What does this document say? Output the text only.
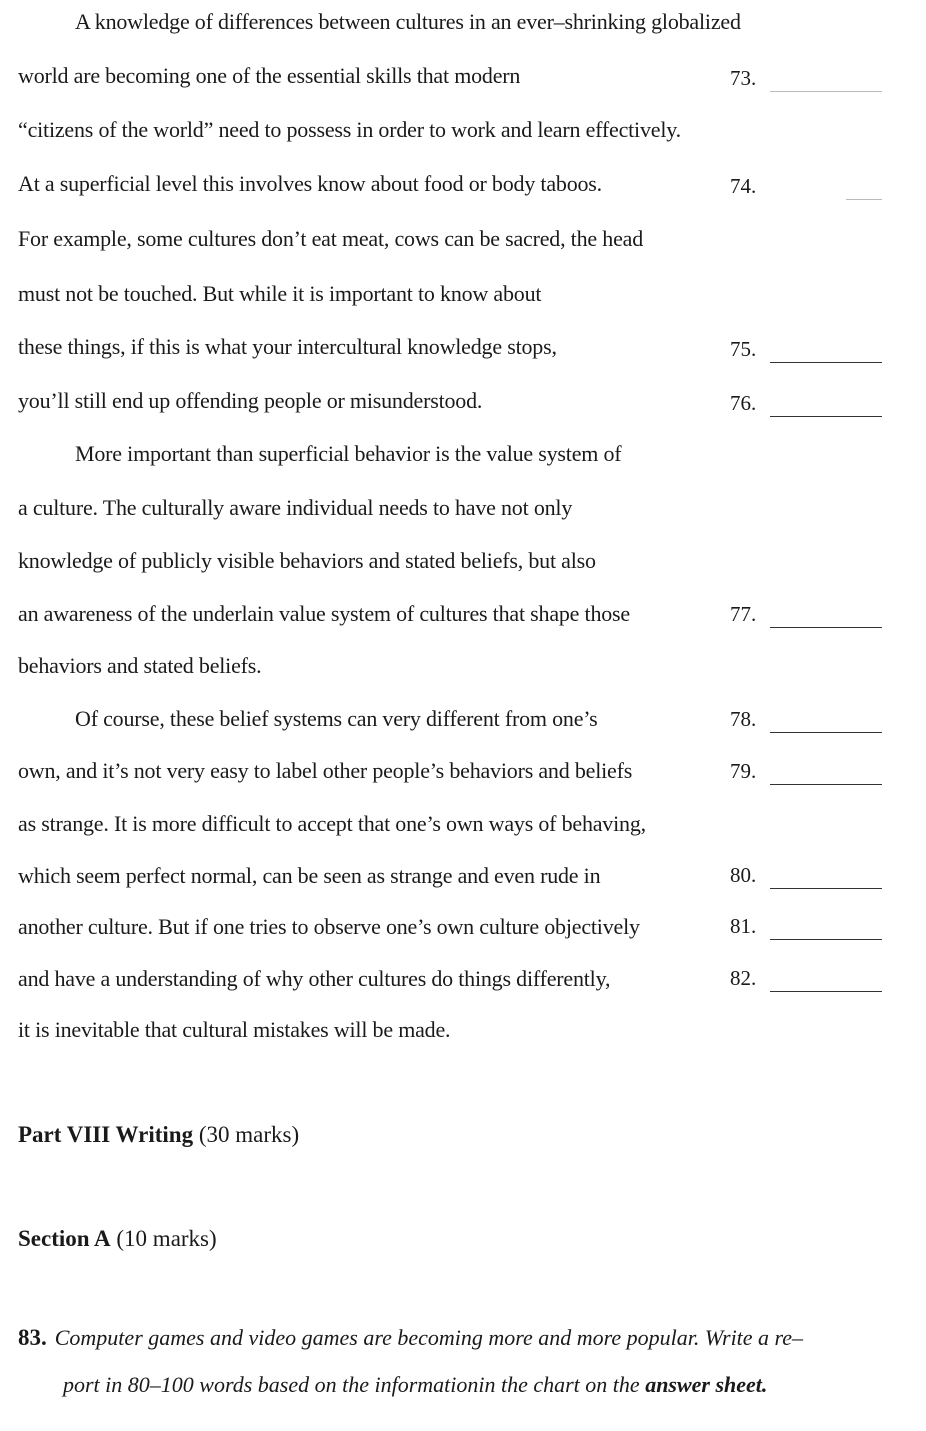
A knowledge of differences between cultures in an ever–shrinking globalized
world are becoming one of the essential skills that modern
“citizens of the world” need to possess in order to work and learn effectively.
At a superficial level this involves know about food or body taboos.
For example, some cultures don’t eat meat, cows can be sacred, the head
must not be touched. But while it is important to know about
these things, if this is what your intercultural knowledge stops,
you’ll still end up offending people or misunderstood.
More important than superficial behavior is the value system of
a culture. The culturally aware individual needs to have not only
knowledge of publicly visible behaviors and stated beliefs, but also
an awareness of the underlain value system of cultures that shape those
behaviors and stated beliefs.
Of course, these belief systems can very different from one’s
own, and it’s not very easy to label other people’s behaviors and beliefs
as strange. It is more difficult to accept that one’s own ways of behaving,
which seem perfect normal, can be seen as strange and even rude in
another culture. But if one tries to observe one’s own culture objectively
and have a understanding of why other cultures do things differently,
it is inevitable that cultural mistakes will be made.
73.
74.
75.
76.
77.
78.
79.
80.
81.
82.
Part VIII Writing (30 marks)
Section A (10 marks)
83. Computer games and video games are becoming more and more popular. Write a re–
port in 80–100 words based on the informationin the chart on the answer sheet.
